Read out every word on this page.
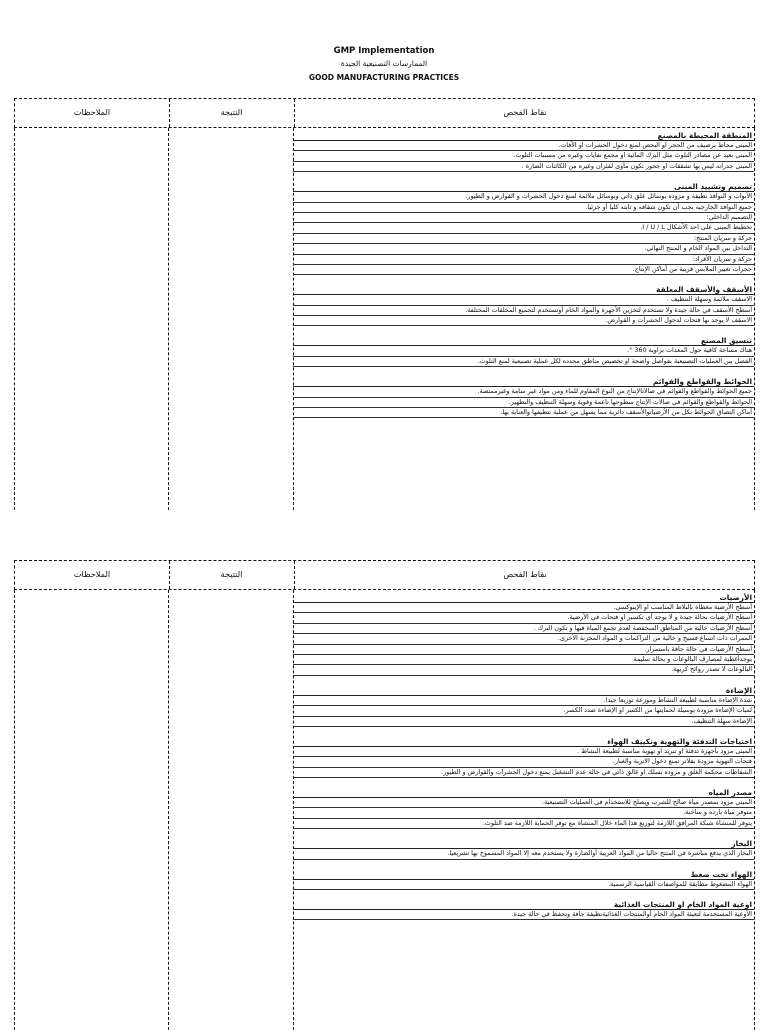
GMP Implementation
الممارسات التصنيعية الجيدة
GOOD MANUFACTURING PRACTICES
الملاحظات	النتيجة	نقاط الفحص
المنطقة المحيطة بالمصنع
المبنى محاط برصيف من الحجر او البحص لمنع دخول الحشرات او الآفات.
المبنى بعيد عن مصادر التلوث مثل البرك المائية او مجمع نفايات وغيره من مسببات التلوث.
المبنى جدرانه ليس بها تشققات او جحور تكون مأوى لفئران وغيره من الكائنات الضارة .
تصميم وتشييد المبنى
الأبواب و النوافذ نظيفة و مزوده بوسائل غلق ذاتي وبوسائل ملائمة لمنع دخول الحشرات و القوارض و الطيور.
جميع النوافذ الخارجيه يجب أن تكون شفافه و ثابته كليا أو جزئيا.
التصميم الداخلي:
تخطيط المبنى على احد الأشكال I / U / L.
حركة و سريان المنتج:
التداخل بين المواد الخام و المنتج النهائي.
حركة و سريان الأفراد:
حجرات تغيير الملابس قريبة من أماكن الإنتاج.
الأسقف والأسقف المعلقة
الاسقف ملائمة وسهلة التنظيف .
أسطح الأسقف في حالة جيدة ولا تستخدم لتخزين الأجهزة والمواد الخام أوتستخدم لتجميع المخلفات المختلفة.
الاسقف لا يوجد بها فتحات لدخول الحشرات و القوارض.
تنسيق المصنع
هناك مساحة كافية حول المعدات بزاوية 360 °.
الفصل بين العمليات التصنيعية بفواصل واضحة او تخصيص مناطق محدده لكل عملية تصنيعية لمنع التلوث.
الحوائط والقواطع والقوائم
جميع الحوائط والقواطع والقوائم في صالاتالإنتاج من النوع المقاوم للماء ومن مواد غير سامة وغيرممتصة.
الحوائط والقواطع والقوائم في صالات الإنتاج سطوحها ناعمة وقوية وسهلة التنظيف والتطهير.
أماكن التصاق الحوائط بكل من الأرضياتوالأسقف دائرية مما يسهل من عملية تنظيفها والعناية بها.
الملاحظات	النتيجة	نقاط الفحص
الأرضيات
أسطح الأرضية مغطاة بالبلاط المناسب او الإيبوكسي.
أسطح الأرضيات بحالة جيدة و لا يوجد أي تكسير او فتحات في الأرضية.
أسطح الأرضيات خالية من المناطق المنخفضة لعدم تجمع المياة فيها و تكون البرك .
الممرات ذات اتساع فسيح و خالية من التراكمات و المواد المخزنة الأخرى.
أسطح الأرضيات في حالة جافة باستمرار.
يوجدأغطية لمصارف البالوعات و بحالة سليمة
البالوعات لا تصدر روائح كريهة.
الإضاءة
شدة الإضاءة مناسبة لطبيعة النشاط وموزعة توزيعا جيدا.
لمبات الإضاءة مزودة بوسيلة لحمايتها من الكسر او الإضاءة ضدد الكسر.
الإضاءة سهلة التنظيف.
احتياجات التدفئة والتهوية وتكييف الهواء
المبنى مزود بأجهزة تدفئة او تبريد او تهوية مناسبة لطبيعة النشاط .
فتحات التهوية مزودة بفلاتر تمنع دخول الاتربة والغبار.
الشفاطات محكمة الغلق و مزوده بسلك او غالق ذاتي في حالة عدم التشغيل يمنع دخول الحشرات والقوارض و الطيور.
مصدر المياه
المبنى مزود بمصدر مياة صالح للشرب ويصلح للاستخدام في العمليات التصنيعية.
متوفر مياة بارده و ساخنة.
يتوفر للمنشاة شبكة المرافق اللازمة لتوزيع هذا الماء خلال المنشاة مع توفر الحماية اللازمة ضد التلوث.
البخار
البخار الذي يدفع مباشرة في المنتج خاليا من المواد الغريبة أوالضارة ولا يستخدم معه إلا المواد المسموح بها تشريعيا.
الهواء تحت ضغط
الهواء المضغوط مطابقة للمواصفات القياسية الرسمية.
اوعية المواد الخام او المنتجات الغذائية
الأوعية المستخدمة لتعبئة المواد الخام أوالمنتجات الغذائيةنظيفة جافة وتحفظ في حالة جيدة.
